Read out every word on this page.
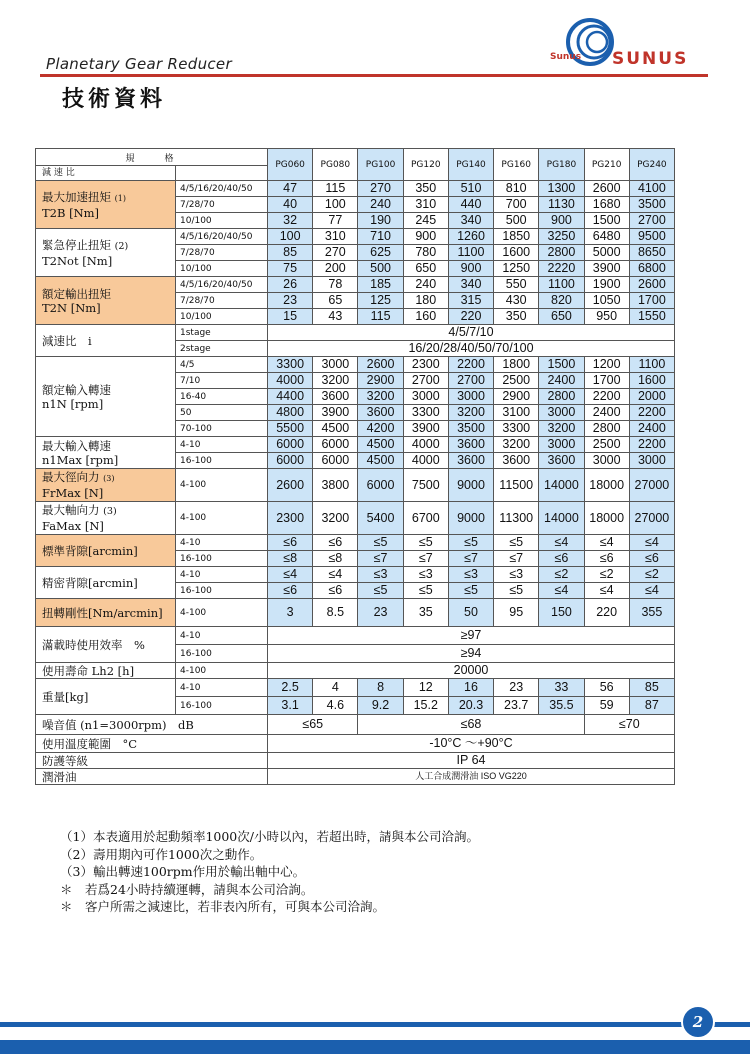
Planetary Gear Reducer	Sunus SUNUS
技術資料
規　　格		PG060	PG080	PG100	PG120	PG140	PG160	PG180	PG210	PG240
減 速 比										
最大加速扭矩 (1)
T2B [Nm]	4/5/16/20/40/50	47	115	270	350	510	810	1300	2600	4100
	7/28/70	40	100	240	310	440	700	1130	1680	3500
	10/100	32	77	190	245	340	500	900	1500	2700
緊急停止扭矩 (2)
T2Not [Nm]	4/5/16/20/40/50	100	310	710	900	1260	1850	3250	6480	9500
	7/28/70	85	270	625	780	1100	1600	2800	5000	8650
	10/100	75	200	500	650	900	1250	2220	3900	6800
額定輸出扭矩
T2N [Nm]	4/5/16/20/40/50	26	78	185	240	340	550	1100	1900	2600
	7/28/70	23	65	125	180	315	430	820	1050	1700
	10/100	15	43	115	160	220	350	650	950	1550
減速比　i	1stage	4/5/7/10								
	2stage	16/20/28/40/50/70/100								
額定輸入轉速
n1N [rpm]	4/5	3300	3000	2600	2300	2200	1800	1500	1200	1100
	7/10	4000	3200	2900	2700	2700	2500	2400	1700	1600
	16-40	4400	3600	3200	3000	3000	2900	2800	2200	2000
	50	4800	3900	3600	3300	3200	3100	3000	2400	2200
	70-100	5500	4500	4200	3900	3500	3300	3200	2800	2400
最大輸入轉速
n1Max [rpm]	4-10	6000	6000	4500	4000	3600	3200	3000	2500	2200
	16-100	6000	6000	4500	4000	3600	3600	3600	3000	3000
最大徑向力 (3)
FrMax [N]	4-100	2600	3800	6000	7500	9000	11500	14000	18000	27000
最大軸向力 (3)
FaMax [N]	4-100	2300	3200	5400	6700	9000	11300	14000	18000	27000
標準背隙[arcmin]	4-10	≤6	≤6	≤5	≤5	≤5	≤5	≤4	≤4	≤4
	16-100	≤8	≤8	≤7	≤7	≤7	≤7	≤6	≤6	≤6
精密背隙[arcmin]	4-10	≤4	≤4	≤3	≤3	≤3	≤3	≤2	≤2	≤2
	16-100	≤6	≤6	≤5	≤5	≤5	≤5	≤4	≤4	≤4
扭轉剛性[Nm/arcmin]	4-100	3	8.5	23	35	50	95	150	220	355
滿載時使用效率　%	4-10	≥97								
	16-100	≥94								
使用壽命 Lh2 [h]	4-100	20000								
重量[kg]	4-10	2.5	4	8	12	16	23	33	56	85
	16-100	3.1	4.6	9.2	15.2	20.3	23.7	35.5	59	87
噪音值 (n1=3000rpm)　dB		≤65		≤68					≤70	
使用溫度範圍　°C		-10°C ～+90°C								
防護等級		IP 64								
潤滑油		人工合成潤滑油 ISO VG220								
（1）本表適用於起動頻率1000次/小時以內，若超出時，請與本公司洽詢。
（2）壽用期內可作1000次之動作。
（3）輸出轉速100rpm作用於輸出軸中心。
＊　若爲24小時持續運轉，請與本公司洽詢。
＊　客户所需之減速比，若非表內所有，可與本公司洽詢。
2
